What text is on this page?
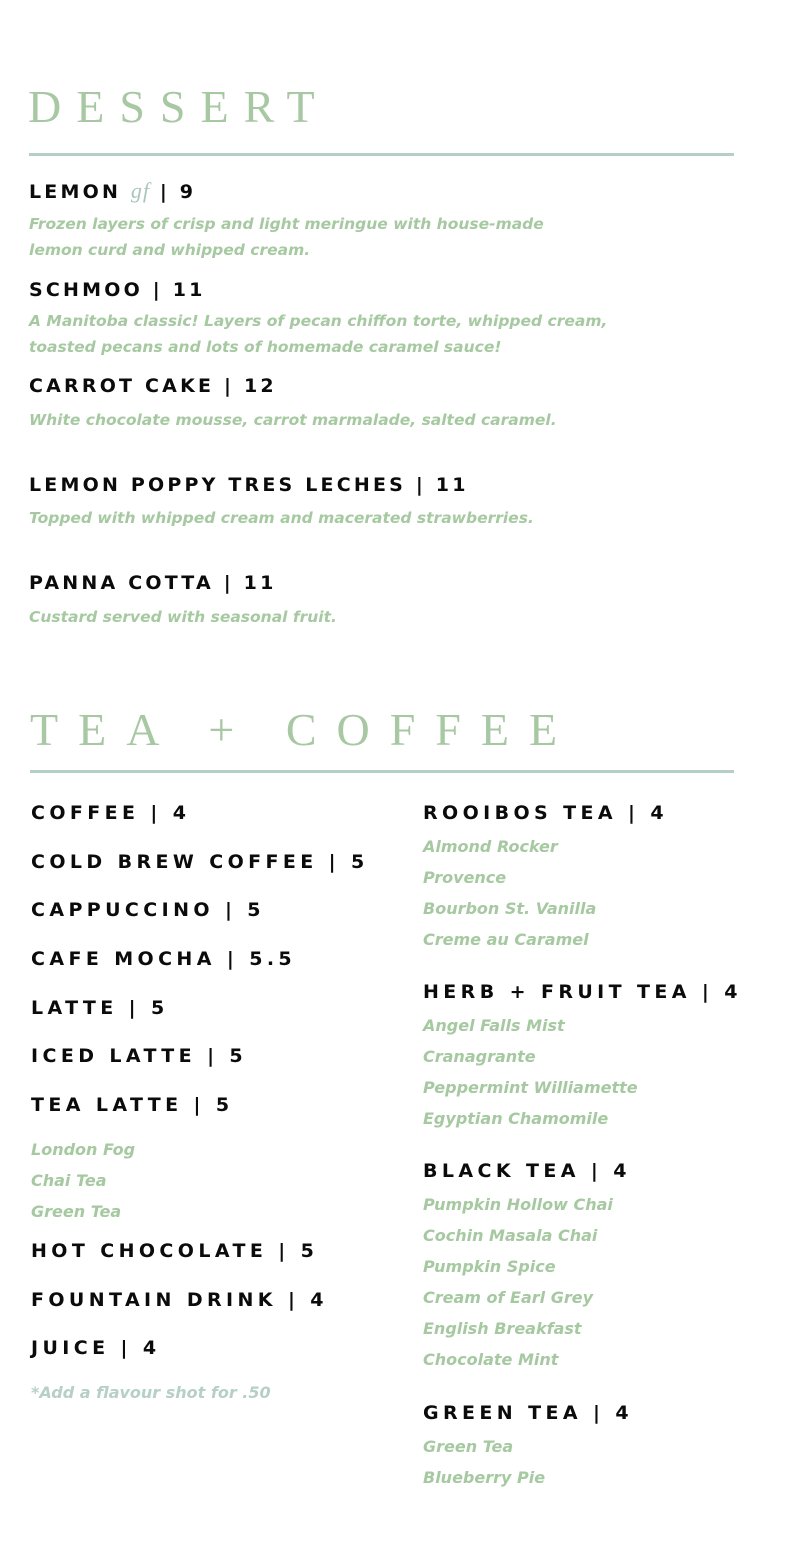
DESSERT
LEMON gf | 9
Frozen layers of crisp and light meringue with house-made
lemon curd and whipped cream.
SCHMOO | 11
A Manitoba classic! Layers of pecan chiffon torte, whipped cream,
toasted pecans and lots of homemade caramel sauce!
CARROT CAKE | 12
White chocolate mousse, carrot marmalade, salted caramel.
LEMON POPPY TRES LECHES | 11
Topped with whipped cream and macerated strawberries.
PANNA COTTA | 11
Custard served with seasonal fruit.
TEA + COFFEE
COFFEE | 4
COLD BREW COFFEE | 5
CAPPUCCINO | 5
CAFE MOCHA | 5.5
LATTE | 5
ICED LATTE | 5
TEA LATTE | 5
London Fog
Chai Tea
Green Tea
HOT CHOCOLATE | 5
FOUNTAIN DRINK | 4
JUICE | 4
*Add a flavour shot for .50
ROOIBOS TEA | 4
Almond Rocker
Provence
Bourbon St. Vanilla
Creme au Caramel
HERB + FRUIT TEA | 4
Angel Falls Mist
Cranagrante
Peppermint Williamette
Egyptian Chamomile
BLACK TEA | 4
Pumpkin Hollow Chai
Cochin Masala Chai
Pumpkin Spice
Cream of Earl Grey
English Breakfast
Chocolate Mint
GREEN TEA | 4
Green Tea
Blueberry Pie
